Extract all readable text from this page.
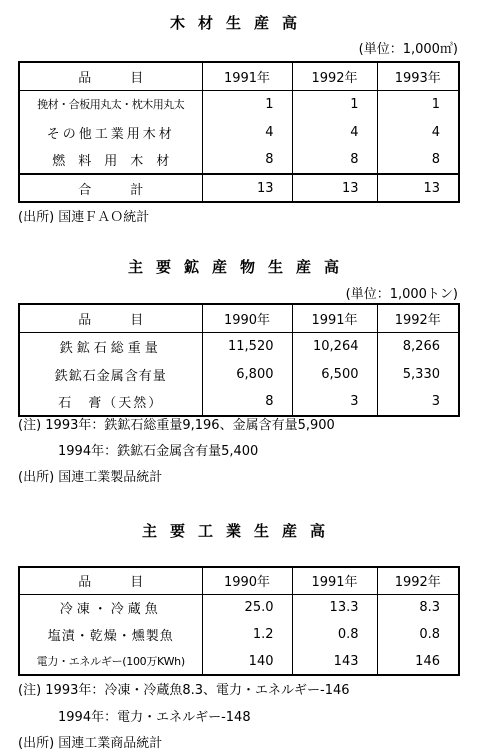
木材生産高
(単位：1,000㎥)
品　　　目	1991年	1992年	1993年
挽材・合板用丸太・枕木用丸太	1	1	1
その他工業用木材	4	4	4
燃　料　用　木　材	8	8	8
合　　　計	13	13	13
(出所) 国連ＦＡＯ統計
主要鉱産物生産高
(単位：1,000トン)
品　　　目	1990年	1991年	1992年
鉄鉱石総重量	11,520	10,264	8,266
鉄鉱石金属含有量	6,800	6,500	5,330
石　膏（天然）	8	3	3
(注) 1993年：鉄鉱石総重量9,196、金属含有量5,900
1994年：鉄鉱石金属含有量5,400
(出所) 国連工業製品統計
主要工業生産高
品　　　目	1990年	1991年	1992年
冷凍・冷蔵魚	25.0	13.3	8.3
塩漬・乾燥・燻製魚	1.2	0.8	0.8
電力・エネルギー(100万KWh)	140	143	146
(注) 1993年：冷凍・冷蔵魚8.3、電力・エネルギー-146
1994年：電力・エネルギー-148
(出所) 国連工業商品統計
